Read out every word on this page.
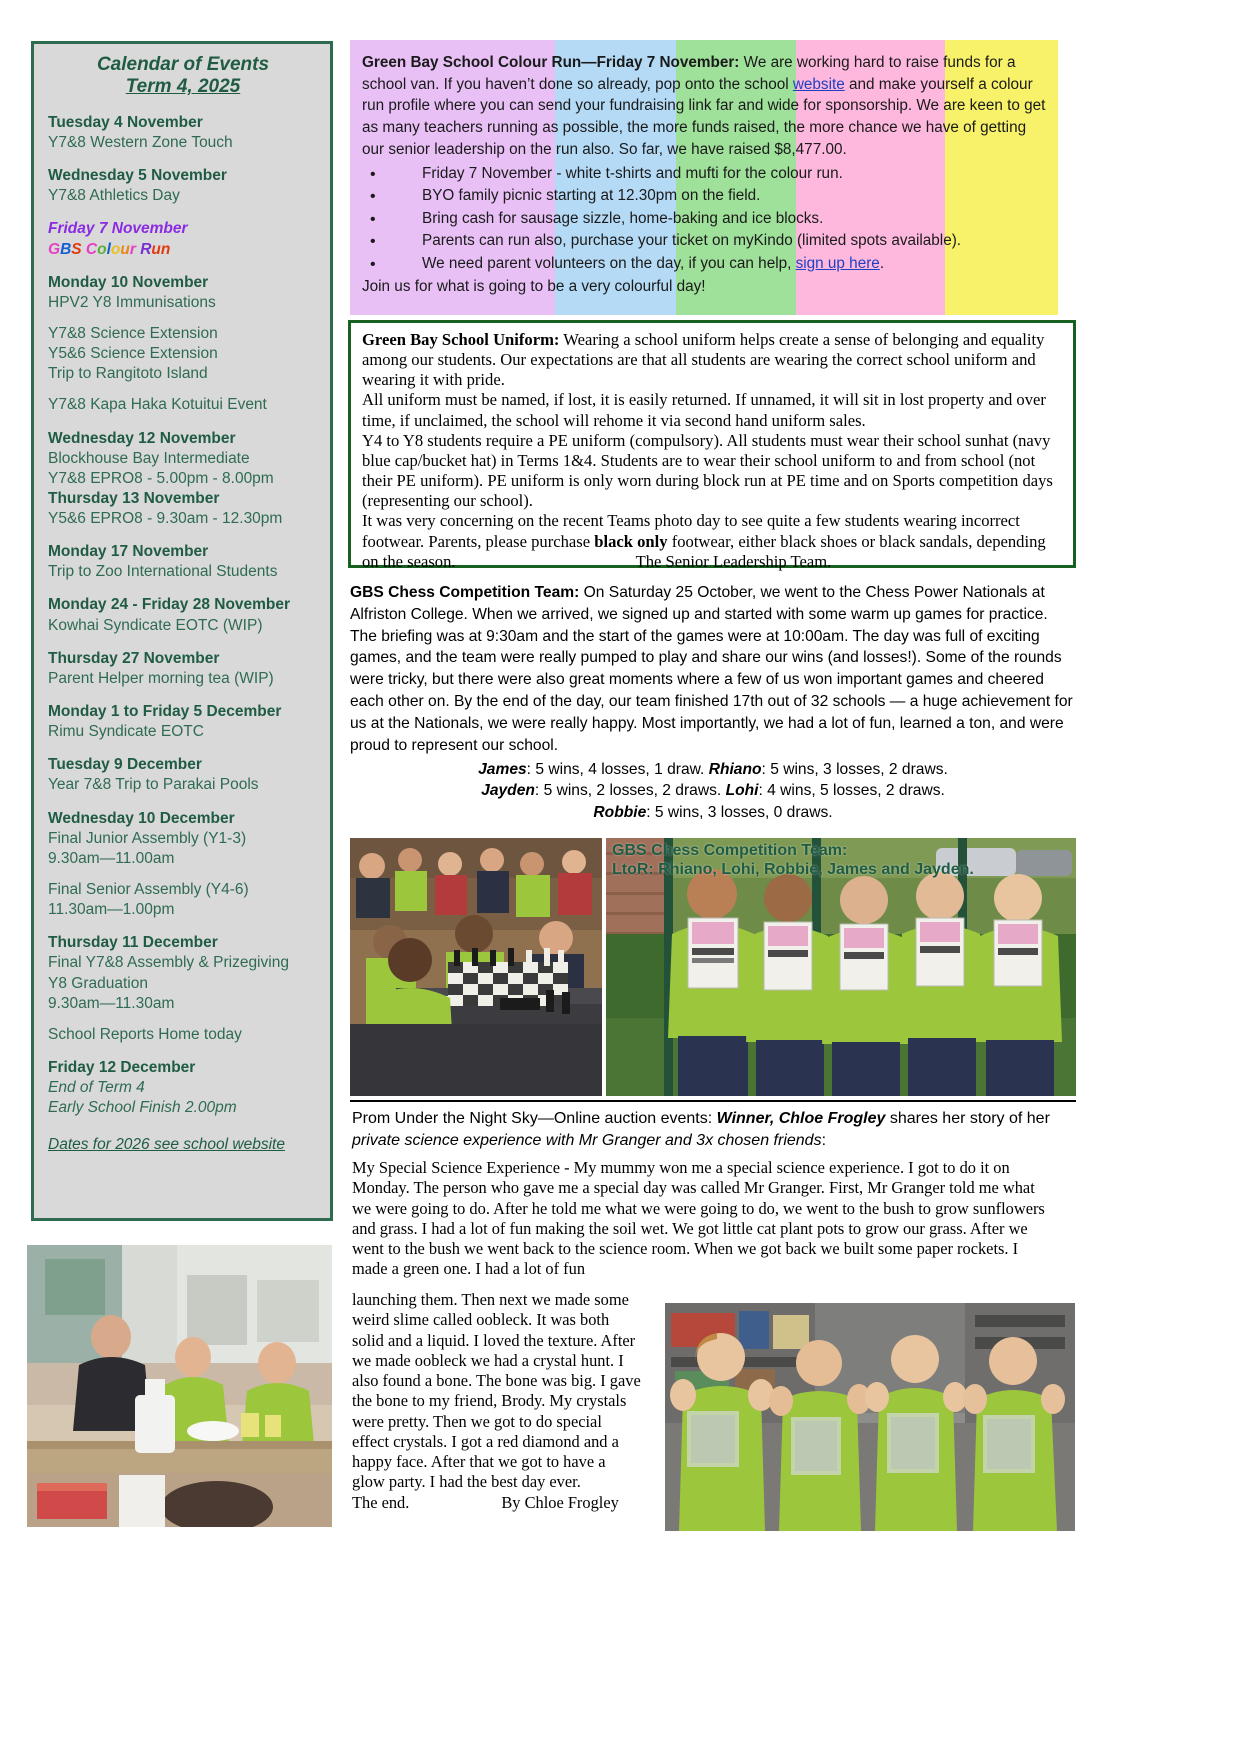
Calendar of Events
Term 4, 2025
Tuesday 4 November
Y7&8 Western Zone Touch
Wednesday 5 November
Y7&8 Athletics Day
Friday 7 November
GBS Colour Run
Monday 10 November
HPV2 Y8 Immunisations
Y7&8 Science Extension
Y5&6 Science Extension
Trip to Rangitoto Island
Y7&8 Kapa Haka Kotuitui Event
Wednesday 12 November
Blockhouse Bay Intermediate
Y7&8 EPRO8 - 5.00pm - 8.00pm
Thursday 13 November
Y5&6 EPRO8 - 9.30am - 12.30pm
Monday 17 November
Trip to Zoo International Students
Monday 24 - Friday 28 November
Kowhai Syndicate EOTC (WIP)
Thursday 27 November
Parent Helper morning tea (WIP)
Monday 1 to Friday 5 December
Rimu Syndicate EOTC
Tuesday 9 December
Year 7&8 Trip to Parakai Pools
Wednesday 10 December
Final Junior Assembly (Y1-3)
9.30am—11.00am
Final Senior Assembly (Y4-6)
11.30am—1.00pm
Thursday 11 December
Final Y7&8 Assembly & Prizegiving
Y8 Graduation
9.30am—11.30am
School Reports Home today
Friday 12 December
End of Term 4
Early School Finish 2.00pm
Dates for 2026 see school website

Green Bay School Colour Run—Friday 7 November: We are working hard to raise funds for a school van. If you haven’t done so already, pop onto the school website and make yourself a colour run profile where you can send your fundraising link far and wide for sponsorship. We are keen to get as many teachers running as possible, the more funds raised, the more chance we have of getting our senior leadership on the run also. So far, we have raised $8,477.00.

• Friday 7 November - white t-shirts and mufti for the colour run.
• BYO family picnic starting at 12.30pm on the field.
• Bring cash for sausage sizzle, home-baking and ice blocks.
• Parents can run also, purchase your ticket on myKindo (limited spots available).
• We need parent volunteers on the day, if you can help, sign up here.

Join us for what is going to be a very colourful day!

Green Bay School Uniform: Wearing a school uniform helps create a sense of belonging and equality among our students. Our expectations are that all students are wearing the correct school uniform and wearing it with pride.
All uniform must be named, if lost, it is easily returned. If unnamed, it will sit in lost property and over time, if unclaimed, the school will rehome it via second hand uniform sales.
Y4 to Y8 students require a PE uniform (compulsory). All students must wear their school sunhat (navy blue cap/bucket hat) in Terms 1&4. Students are to wear their school uniform to and from school (not their PE uniform). PE uniform is only worn during block run at PE time and on Sports competition days (representing our school).
It was very concerning on the recent Teams photo day to see quite a few students wearing incorrect footwear. Parents, please purchase black only footwear, either black shoes or black sandals, depending on the season.	The Senior Leadership Team.
GBS Chess Competition Team: On Saturday 25 October, we went to the Chess Power Nationals at Alfriston College. When we arrived, we signed up and started with some warm up games for practice. The briefing was at 9:30am and the start of the games were at 10:00am. The day was full of exciting games, and the team were really pumped to play and share our wins (and losses!). Some of the rounds were tricky, but there were also great moments where a few of us won important games and cheered each other on. By the end of the day, our team finished 17th out of 32 schools — a huge achievement for us at the Nationals, we were really happy. Most importantly, we had a lot of fun, learned a ton, and were proud to represent our school.
James: 5 wins, 4 losses, 1 draw. Rhiano: 5 wins, 3 losses, 2 draws.
Jayden: 5 wins, 2 losses, 2 draws. Lohi: 4 wins, 5 losses, 2 draws.
Robbie: 5 wins, 3 losses, 0 draws.
GBS Chess Competition Team:
LtoR: Rhiano, Lohi, Robbie, James and Jayden.
Prom Under the Night Sky—Online auction events: Winner, Chloe Frogley shares her story of her private science experience with Mr Granger and 3x chosen friends:
My Special Science Experience - My mummy won me a special science experience. I got to do it on Monday. The person who gave me a special day was called Mr Granger. First, Mr Granger told me what we were going to do. After he told me what we were going to do, we went to the bush to grow sunflowers and grass. I had a lot of fun making the soil wet. We got little cat plant pots to grow our grass. After we went to the bush we went back to the science room. When we got back we built some paper rockets. I made a green one. I had a lot of fun
launching them. Then next we made some weird slime called oobleck. It was both solid and a liquid. I loved the texture. After we made oobleck we had a crystal hunt. I also found a bone. The bone was big. I gave the bone to my friend, Brody. My crystals were pretty. Then we got to do special effect crystals. I got a red diamond and a happy face. After that we got to have a glow party. I had the best day ever.
The end.	By Chloe Frogley
